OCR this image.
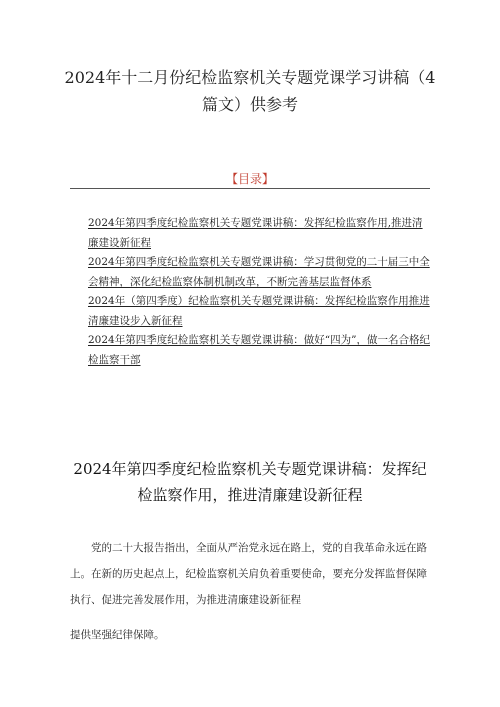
2024年十二月份纪检监察机关专题党课学习讲稿（4篇文）供参考
【目录】
2024年第四季度纪检监察机关专题党课讲稿：发挥纪检监察作用,推进清廉建设新征程
2024年第四季度纪检监察机关专题党课讲稿：学习贯彻党的二十届三中全会精神，深化纪检监察体制机制改革，不断完善基层监督体系
2024年（第四季度）纪检监察机关专题党课讲稿：发挥纪检监察作用推进清廉建设步入新征程
2024年第四季度纪检监察机关专题党课讲稿：做好“四为”，做一名合格纪检监察干部
2024年第四季度纪检监察机关专题党课讲稿：发挥纪检监察作用，推进清廉建设新征程

党的二十大报告指出，全面从严治党永远在路上，党的自我革命永远在路上。在新的历史起点上，纪检监察机关肩负着重要使命，要充分发挥监督保障执行、促进完善发展作用，为推进清廉建设新征程

提供坚强纪律保障。
